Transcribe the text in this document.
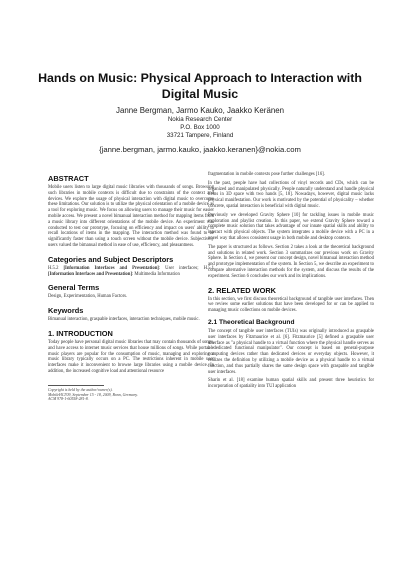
Hands on Music: Physical Approach to Interaction with Digital Music
Janne Bergman, Jarmo Kauko, Jaakko Keränen
Nokia Research Center
P.O. Box 1000
33721 Tampere, Finland
{janne.bergman, jarmo.kauko, jaakko.keranen}@nokia.com
ABSTRACT
Mobile users listen to large digital music libraries with thousands of songs. Browsing such libraries in mobile contexts is difficult due to constraints of the context and devices. We explore the usage of physical interaction with digital music to overcome these limitations. Our solution is to utilize the physical orientation of a mobile device as a tool for exploring music. We focus on allowing users to manage their music for easier mobile access. We present a novel bimanual interaction method for mapping items from a music library into different orientations of the mobile device. An experiment was conducted to test our prototype, focusing on efficiency and impact on users' ability to recall locations of items in the mapping. The interaction method was found to be significantly faster than using a touch screen without the mobile device. Subjectively users valued the bimanual method in ease of use, efficiency, and pleasantness.
Categories and Subject Descriptors
H.5.2 [Information Interfaces and Presentation]: User interfaces; H.5.1 [Information Interfaces and Presentation]: Multimedia Information
General Terms
Design, Experimentation, Human Factors.
Keywords
Bimanual interaction, graspable interfaces, interaction techniques, mobile music.
1. INTRODUCTION
Today people have personal digital music libraries that may contain thousands of songs, and have access to internet music services that house millions of songs. While portable music players are popular for the consumption of music, managing and exploring a music library typically occurs on a PC. The restrictions inherent in mobile user interfaces make it inconvenient to browse large libraries using a mobile device. In addition, the increased cognitive load and attentional resource
Copyright is held by the author/owner(s).
MobileHCI'09, September 15 - 18, 2009, Bonn, Germany.
ACM 978-1-60558-281-8.
fragmentation in mobile contexts pose further challenges [16].
In the past, people have had collections of vinyl records and CDs, which can be organized and manipulated physically. People naturally understand and handle physical items in 3D space with two hands [5, 18]. Nowadays, however, digital music lacks physical manifestation. Our work is motivated by the potential of physicality – whether concrete, spatial interaction is beneficial with digital music.
Previously we developed Gravity Sphere [10] for tackling issues in mobile music exploration and playlist creation. In this paper, we extend Gravity Sphere toward a complete music solution that takes advantage of our innate spatial skills and ability to interact with physical objects. The system integrates a mobile device with a PC in a novel way that allows consistent usage in both mobile and desktop contexts.
The paper is structured as follows. Section 2 takes a look at the theoretical background and solutions in related work. Section 3 summarizes our previous work on Gravity Sphere. In Section 4, we present our concept design, novel bimanual interaction method and prototype implementation of the system. In Section 5, we describe an experiment to compare alternative interaction methods for the system, and discuss the results of the experiment. Section 6 concludes our work and its implications.
2. RELATED WORK
In this section, we first discuss theoretical background of tangible user interfaces. Then we review some earlier solutions that have been developed for or can be applied to managing music collections on mobile devices.
2.1 Theoretical Background
The concept of tangible user interfaces (TUIs) was originally introduced as graspable user interfaces by Fitzmaurice et al. [6]. Fitzmaurice [5] defined a graspable user interface as "a physical handle to a virtual function where the physical handle serves as a dedicated functional manipulator". Our concept is based on general-purpose computing devices rather than dedicated devices or everyday objects. However, it realizes the definition by utilizing a mobile device as a physical handle to a virtual function, and thus partially shares the same design space with graspable and tangible user interfaces.
Sharin et al. [18] examine human spatial skills and present three heuristics for incorporation of spatiality into TUI application
